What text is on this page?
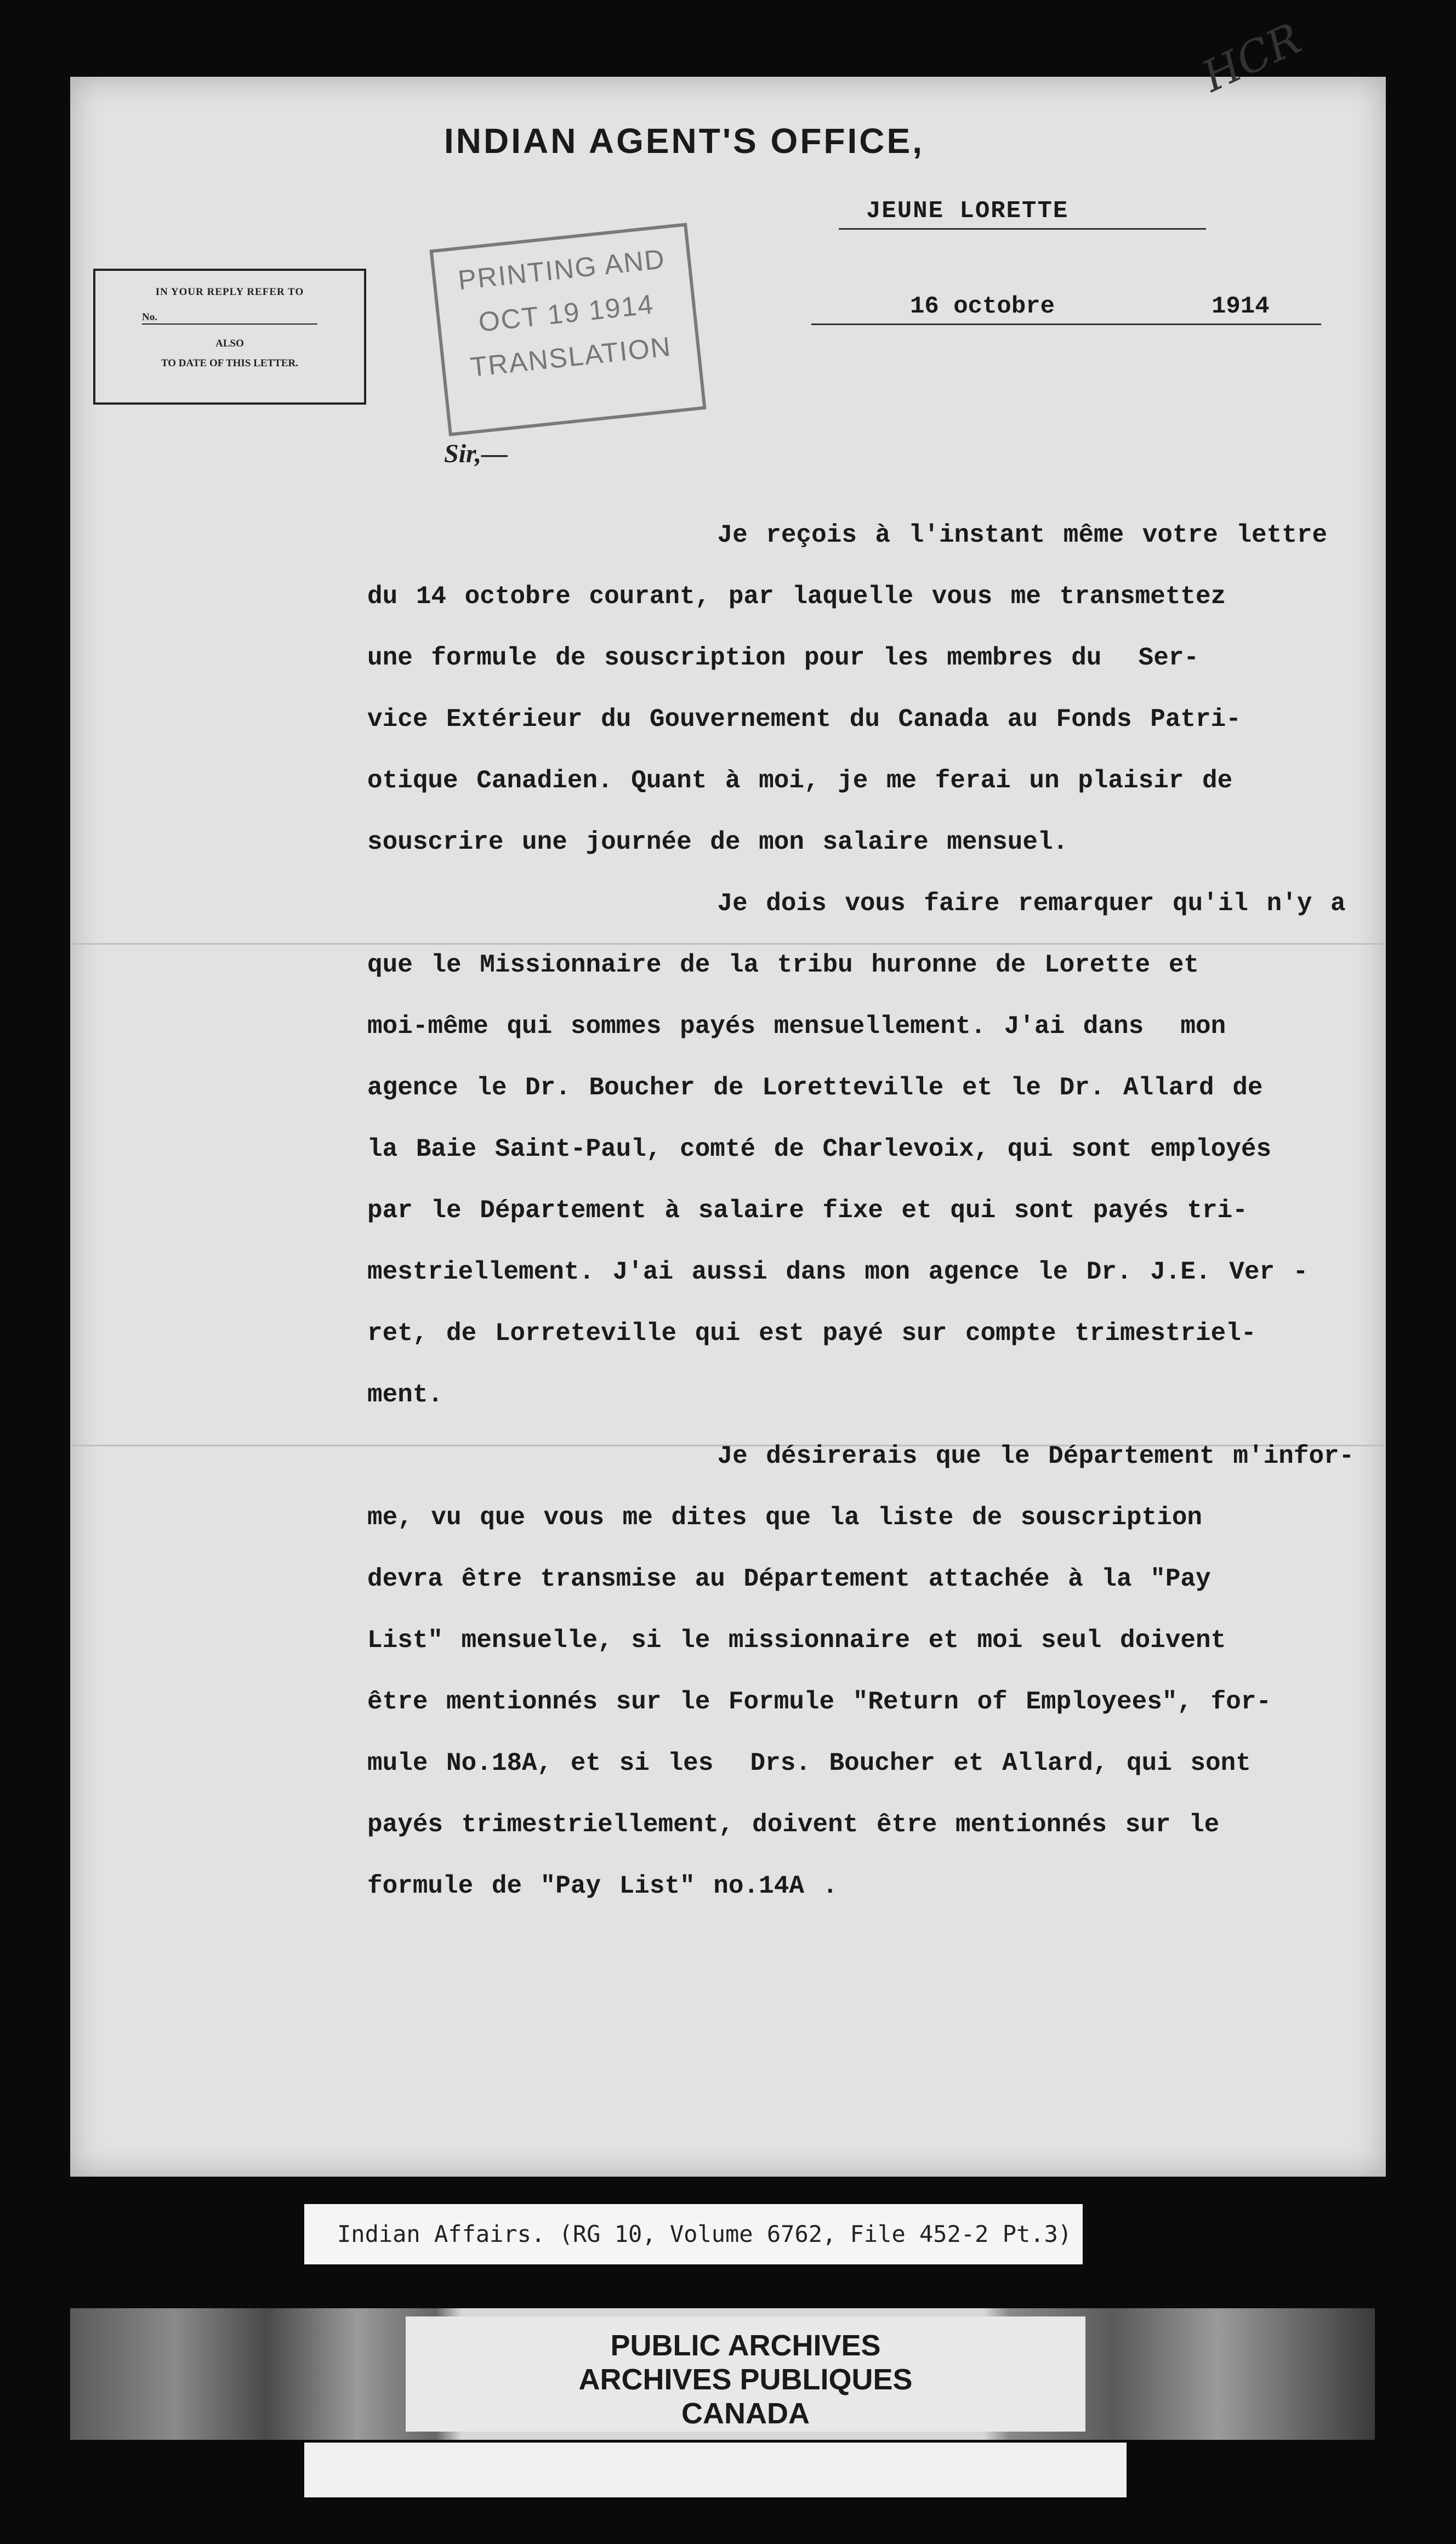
HCR
INDIAN AGENT'S OFFICE,
JEUNE LORETTE
16 octobre	1914
IN YOUR REPLY REFER TO
No.
ALSO
TO DATE OF THIS LETTER.
PRINTING AND
OCT 19 1914
TRANSLATION
Sir,—

Je reçois à l'instant même votre lettre

du 14 octobre courant, par laquelle vous me transmettez

une formule de souscription pour les membres du  Ser-

vice Extérieur du Gouvernement du Canada au Fonds Patri-

otique Canadien. Quant à moi, je me ferai un plaisir de

souscrire une journée de mon salaire mensuel.

Je dois vous faire remarquer qu'il n'y a

que le Missionnaire de la tribu huronne de Lorette et

moi-même qui sommes payés mensuellement. J'ai dans  mon

agence le Dr. Boucher de Loretteville et le Dr. Allard de

la Baie Saint-Paul, comté de Charlevoix, qui sont employés

par le Département à salaire fixe et qui sont payés tri-

mestriellement. J'ai aussi dans mon agence le Dr. J.E. Ver -

ret, de Lorreteville qui est payé sur compte trimestriel-

ment.

Je désirerais que le Département m'infor-

me, vu que vous me dites que la liste de souscription

devra être transmise au Département attachée à la "Pay

List" mensuelle, si le missionnaire et moi seul doivent

être mentionnés sur le Formule "Return of Employees", for-

mule No.18A, et si les  Drs. Boucher et Allard, qui sont

payés trimestriellement, doivent être mentionnés sur le

formule de "Pay List" no.14A .

Indian Affairs. (RG 10, Volume 6762, File 452-2 Pt.3)
PUBLIC ARCHIVES
ARCHIVES PUBLIQUES
CANADA
